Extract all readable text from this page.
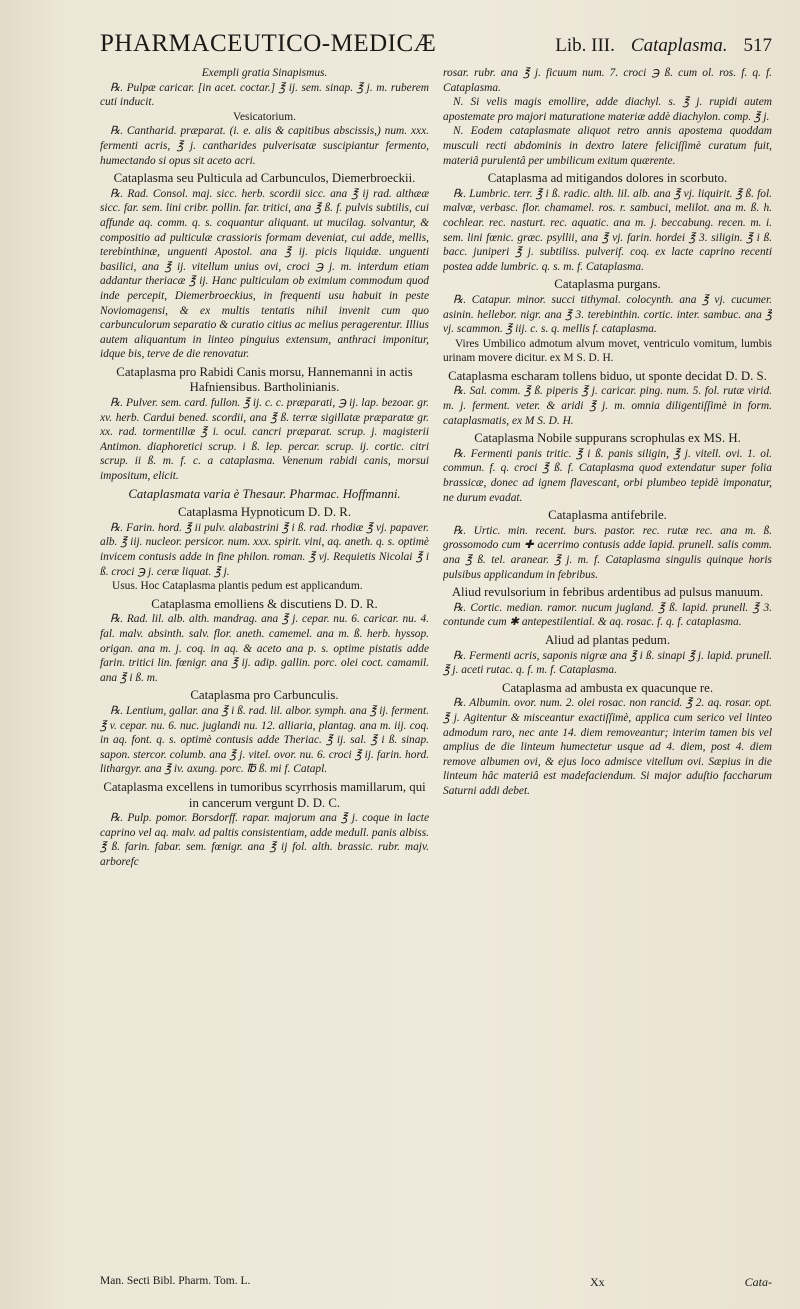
PHARMACEUTICO-MEDICÆ	Lib. III. Cataplasma. 517

Exempli gratia Sinapismus.

℞. Pulpæ caricar. [in acet. coctar.] ℥ ij. sem. sinap. ℥ j. m. ruberem cuti inducit.

Vesicatorium.

℞. Cantharid. præparat. (i. e. alis & capitibus abscissis,) num. xxx. fermenti acris, ℥ j. cantharides pulverisatæ suscipiantur fermento, humectando si opus sit aceto acri.

Cataplasma seu Pulticula ad Carbunculos, Diemerbroeckii.

℞. Rad. Consol. maj. sicc. herb. scordii sicc. ana ℥ ij rad. althææ sicc. far. sem. lini cribr. pollin. far. tritici, ana ℥ ß. f. pulvis subtilis, cui affunde aq. comm. q. s. coquantur aliquant. ut mucilag. solvantur, & compositio ad pulticulæ crassioris formam deveniat, cui adde, mellis, terebinthinæ, unguenti Apostol. ana ℥ ij. picis liquidæ. unguenti basilici, ana ℥ ij. vitellum unius ovi, croci ℈ j. m. interdum etiam addantur theriacæ ℥ ij. Hanc pulticulam ob eximium commodum quod inde percepit, Diemerbroeckius, in frequenti usu habuit in peste Noviomagensi, & ex multis tentatis nihil invenit cum quo carbunculorum separatio & curatio citius ac melius peragerentur. Illius autem aliquantum in linteo pinguius extensum, anthraci imponitur, idque bis, terve de die renovatur.

Cataplasma pro Rabidi Canis morsu, Hannemanni in actis Hafniensibus. Bartholinianis.

℞. Pulver. sem. card. fullon. ℥ ij. c. c. præparati, ℈ ij. lap. bezoar. gr. xv. herb. Cardui bened. scordii, ana ℥ ß. terræ sigillatæ præparatæ gr. xx. rad. tormentillæ ℥ i. ocul. cancri præparat. scrup. j. magisterii Antimon. diaphoretici scrup. i ß. lep. percar. scrup. ij. cortic. citri scrup. ii ß. m. f. c. a cataplasma. Venenum rabidi canis, morsui impositum, elicit.

Cataplasmata varia è Thesaur. Pharmac. Hoffmanni.

Cataplasma Hypnoticum D. D. R.

℞. Farin. hord. ℥ ii pulv. alabastrini ℥ i ß. rad. rhodiæ ℥ vj. papaver. alb. ℥ iij. nucleor. persicor. num. xxx. spirit. vini, aq. aneth. q. s. optimè invicem contusis adde in fine philon. roman. ℥ vj. Requietis Nicolai ℥ i ß. croci ℈ j. ceræ liquat. ℥ j.

Usus. Hoc Cataplasma plantis pedum est applicandum.

Cataplasma emolliens & discutiens D. D. R.

℞. Rad. lil. alb. alth. mandrag. ana ℥ j. cepar. nu. 6. caricar. nu. 4. fal. malv. absinth. salv. flor. aneth. camemel. ana m. ß. herb. hyssop. origan. ana m. j. coq. in aq. & aceto ana p. s. optime pistatis adde farin. tritici lin. fœnigr. ana ℥ ij. adip. gallin. porc. olei coct. camamil. ana ℥ i ß. m.

Cataplasma pro Carbunculis.

℞. Lentium, gallar. ana ℥ i ß. rad. lil. albor. symph. ana ℥ ij. ferment. ℥ v. cepar. nu. 6. nuc. juglandi nu. 12. alliaria, plantag. ana m. iij. coq. in aq. font. q. s. optimè contusis adde Theriac. ℥ ij. sal. ℥ i ß. sinap. sapon. stercor. columb. ana ℥ j. vitel. ovor. nu. 6. croci ℥ ij. farin. hord. lithargyr. ana ℥ iv. axung. porc. ℔ ß. mi f. Catapl.

Cataplasma excellens in tumoribus scyrrhosis mamillarum, qui in cancerum vergunt D. D. C.

℞. Pulp. pomor. Borsdorff. rapar. majorum ana ℥ j. coque in lacte caprino vel aq. malv. ad paltis consistentiam, adde medull. panis albiss. ℥ ß. farin. fabar. sem. fœnigr. ana ℥ ij fol. alth. brassic. rubr. majv. arborefc

rosar. rubr. ana ℥ j. ficuum num. 7. croci ℈ ß. cum ol. ros. f. q. f. Cataplasma.

N. Si velis magis emollire, adde diachyl. s. ℥ j. rupidi autem apostemate pro majori maturatione materiæ addè diachylon. comp. ℥ j.

N. Eodem cataplasmate aliquot retro annis apostema quoddam musculi recti abdominis in dextro latere feliciſſimè curatum fuit, materiâ purulentâ per umbilicum exitum quærente.

Cataplasma ad mitigandos dolores in scorbuto.

℞. Lumbric. terr. ℥ i ß. radic. alth. lil. alb. ana ℥ vj. liquirit. ℥ ß. fol. malvæ, verbasc. flor. chamamel. ros. r. sambuci, melilot. ana m. ß. h. cochlear. rec. nasturt. rec. aquatic. ana m. j. beccabung. recen. m. i. sem. lini fœnic. græc. psyllii, ana ℥ vj. farin. hordei ℥ 3. siligin. ℥ i ß. bacc. juniperi ℥ j. subtiliss. pulverif. coq. ex lacte caprino recenti postea adde lumbric. q. s. m. f. Cataplasma.

Cataplasma purgans.

℞. Catapur. minor. succi tithymal. colocynth. ana ℥ vj. cucumer. asinin. hellebor. nigr. ana ℥ 3. terebinthin. cortic. inter. sambuc. ana ℥ vj. scammon. ℥ iij. c. s. q. mellis f. cataplasma.

Vires Umbilico admotum alvum movet, ventriculo vomitum, lumbis urinam movere dicitur. ex M S. D. H.

Cataplasma escharam tollens biduo, ut sponte decidat D. D. S.

℞. Sal. comm. ℥ ß. piperis ℥ j. caricar. ping. num. 5. fol. rutæ virid. m. j. ferment. veter. & aridi ℥ j. m. omnia diligentiſſimè in form. cataplasmatis, ex M S. D. H.

Cataplasma Nobile suppurans scrophulas ex MS. H.

℞. Fermenti panis tritic. ℥ i ß. panis siligin, ℥ j. vitell. ovi. 1. ol. commun. f. q. croci ℥ ß. f. Cataplasma quod extendatur super folia brassicæ, donec ad ignem flavescant, orbi plumbeo tepidè imponatur, ne durum evadat.

Cataplasma antifebrile.

℞. Urtic. min. recent. burs. pastor. rec. rutæ rec. ana m. ß. grossomodo cum ✚ acerrimo contusis adde lapid. prunell. salis comm. ana ℥ ß. tel. aranear. ℥ j. m. f. Cataplasma singulis quinque horis pulsibus applicandum in febribus.

Aliud revulsorium in febribus ardentibus ad pulsus manuum.

℞. Cortic. median. ramor. nucum jugland. ℥ ß. lapid. prunell. ℥ 3. contunde cum ✱ antepestilential. & aq. rosac. f. q. f. cataplasma.

Aliud ad plantas pedum.

℞. Fermenti acris, saponis nigræ ana ℥ i ß. sinapi ℥ j. lapid. prunell. ℥ j. aceti rutac. q. f. m. f. Cataplasma.

Cataplasma ad ambusta ex quacunque re.

℞. Albumin. ovor. num. 2. olei rosac. non rancid. ℥ 2. aq. rosar. opt. ℥ j. Agitentur & misceantur exactiſſimè, applica cum serico vel linteo admodum raro, nec ante 14. diem removeantur; interim tamen bis vel amplius de die linteum humectetur usque ad 4. diem, post 4. diem remove albumen ovi, & ejus loco admisce vitellum ovi. Sæpius in die linteum hâc materiâ est madefaciendum. Si major aduſtio faccharum Saturni addi debet.

Man. Secti Bibl. Pharm. Tom. L.	Xx	Cata-
